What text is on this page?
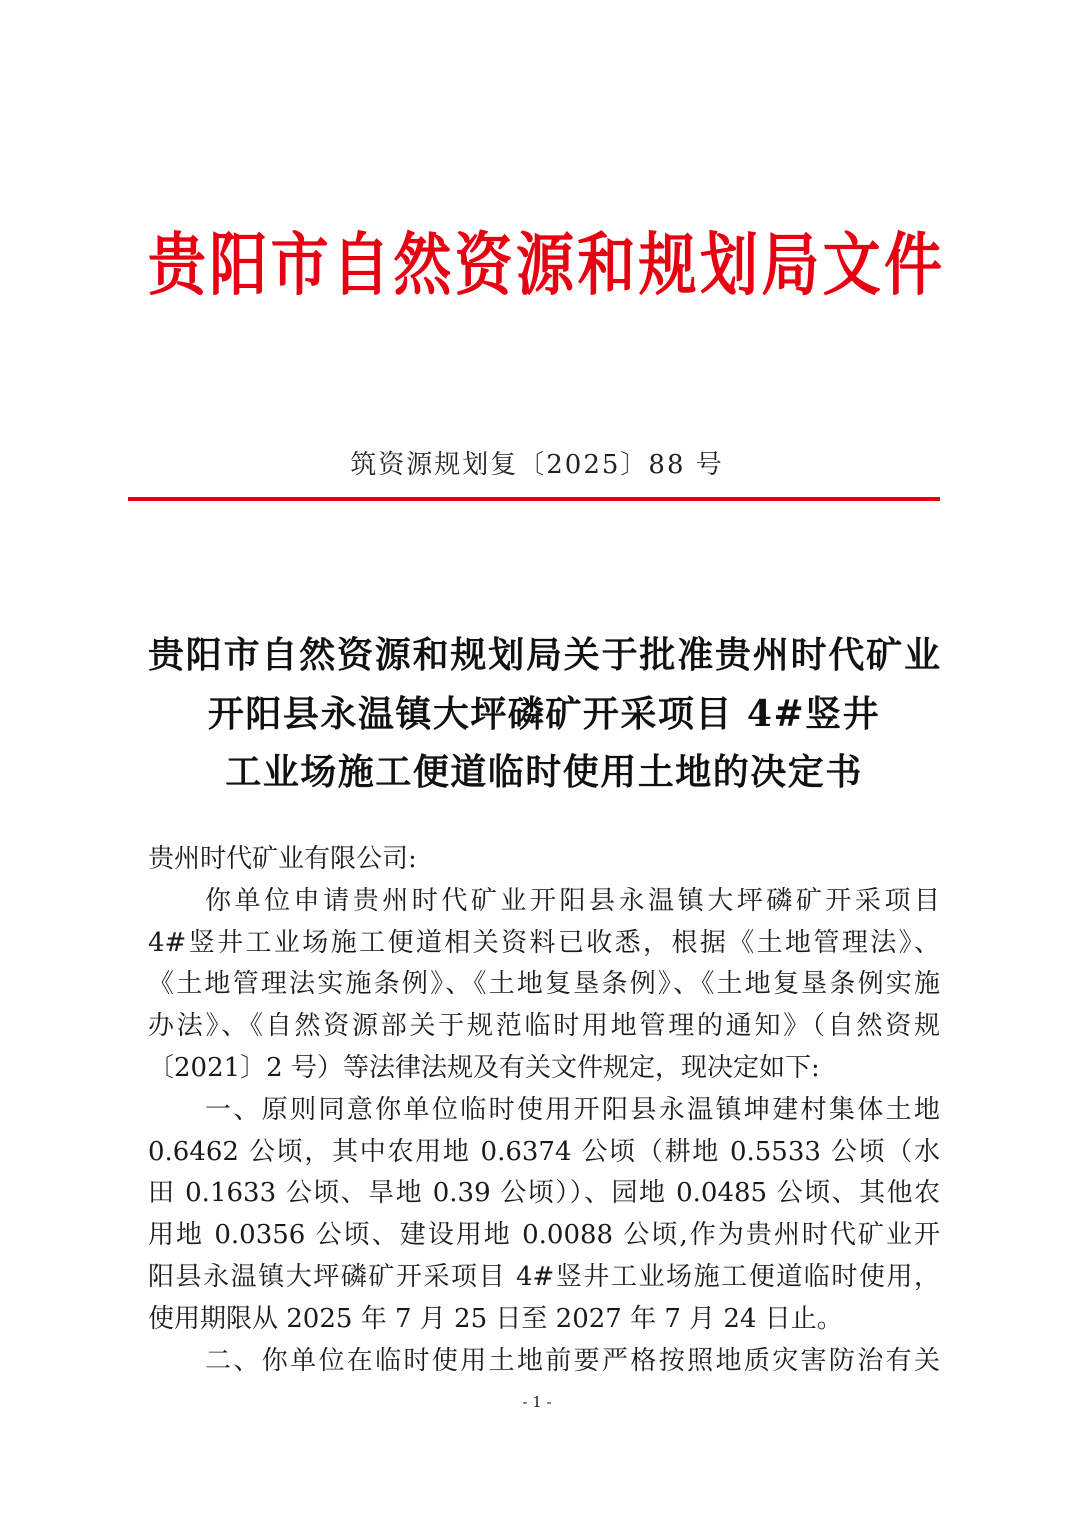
贵阳市自然资源和规划局文件
筑资源规划复〔2025〕88 号
贵阳市自然资源和规划局关于批准贵州时代矿业
开阳县永温镇大坪磷矿开采项目 4#竖井
工业场施工便道临时使用土地的决定书
贵州时代矿业有限公司:
你单位申请贵州时代矿业开阳县永温镇大坪磷矿开采项目
4#竖井工业场施工便道相关资料已收悉，根据《土地管理法》、
《土地管理法实施条例》、《土地复垦条例》、《土地复垦条例实施
办法》、《自然资源部关于规范临时用地管理的通知》（自然资规
〔2021〕2 号）等法律法规及有关文件规定，现决定如下:
一、原则同意你单位临时使用开阳县永温镇坤建村集体土地
0.6462 公顷，其中农用地 0.6374 公顷（耕地 0.5533 公顷（水
田 0.1633 公顷、旱地 0.39 公顷））、园地 0.0485 公顷、其他农
用地 0.0356 公顷、建设用地 0.0088 公顷,作为贵州时代矿业开
阳县永温镇大坪磷矿开采项目 4#竖井工业场施工便道临时使用，
使用期限从 2025 年 7 月 25 日至 2027 年 7 月 24 日止。
二、你单位在临时使用土地前要严格按照地质灾害防治有关
- 1 -
